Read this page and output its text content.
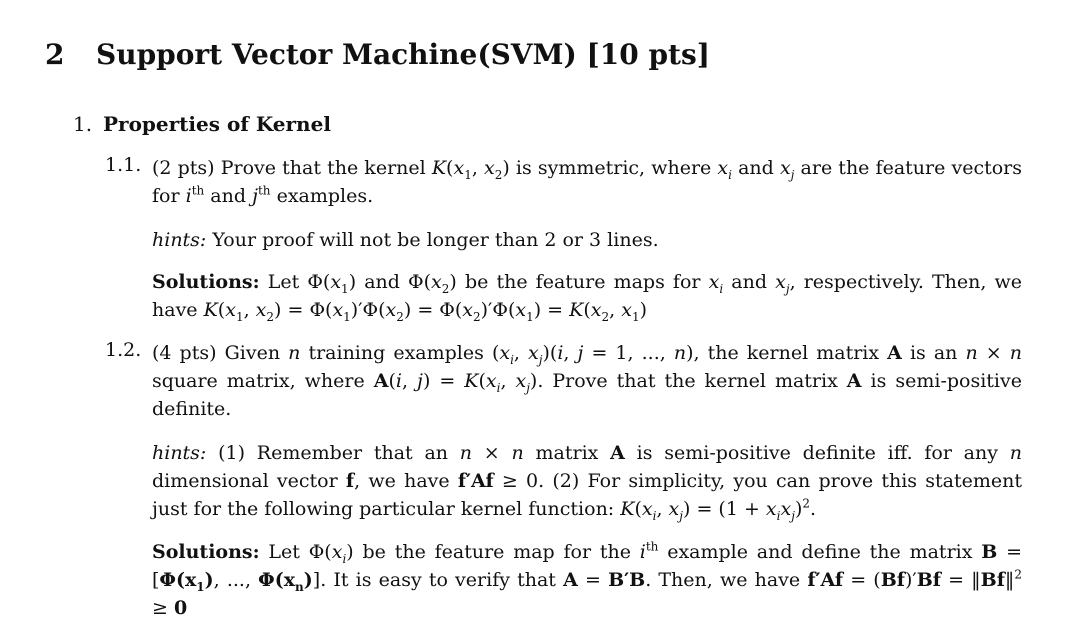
2 Support Vector Machine(SVM) [10 pts]
1. Properties of Kernel
1.1. (2 pts) Prove that the kernel $K(x_1$, $x_2$) is symmetric, where $x_i$ and $x_j$ are the feature vectors for $i^{th}$ and $j^{th}$ examples.
hints: Your proof will not be longer than 2 or 3 lines.
Solutions: Let $\Phi(x_1)$ and $\Phi(x_2)$ be the feature maps for $x_i$ and $x_j$, respectively. Then, we have $K(x_1$, $x_2) = \Phi(x_1)'\Phi(x_2) = \Phi(x_2)'\Phi(x_1) = K(x_2$, $x_1$)
1.2. (4 pts) Given n training examples ($x_i$, $x_j)(i$, j = 1, ..., n), the kernel matrix A is an n × n square matrix, where A(i, $j) = K(x_i$, $x_j$). Prove that the kernel matrix A is semi-positive definite.
hints: (1) Remember that an n × n matrix A is semi-positive definite iff. for any n dimensional vector f, we have f′Af ≥ 0. (2) For simplicity, you can prove this statement just for the following particular kernel function: $K(x_i$, $x_j) = (1 + x_ix_j)^2$.
Solutions: Let $\Phi(x_i)$ be the feature map for the $i^{th}$ example and define the matrix $B = [\Phi(x_1)$, ..., $\Phi(x_n)$]. It is easy to verify that A = B′B. Then, we have f′Af = (Bf)′Bf = ‖Bf‖$^2$ ≥ 0
